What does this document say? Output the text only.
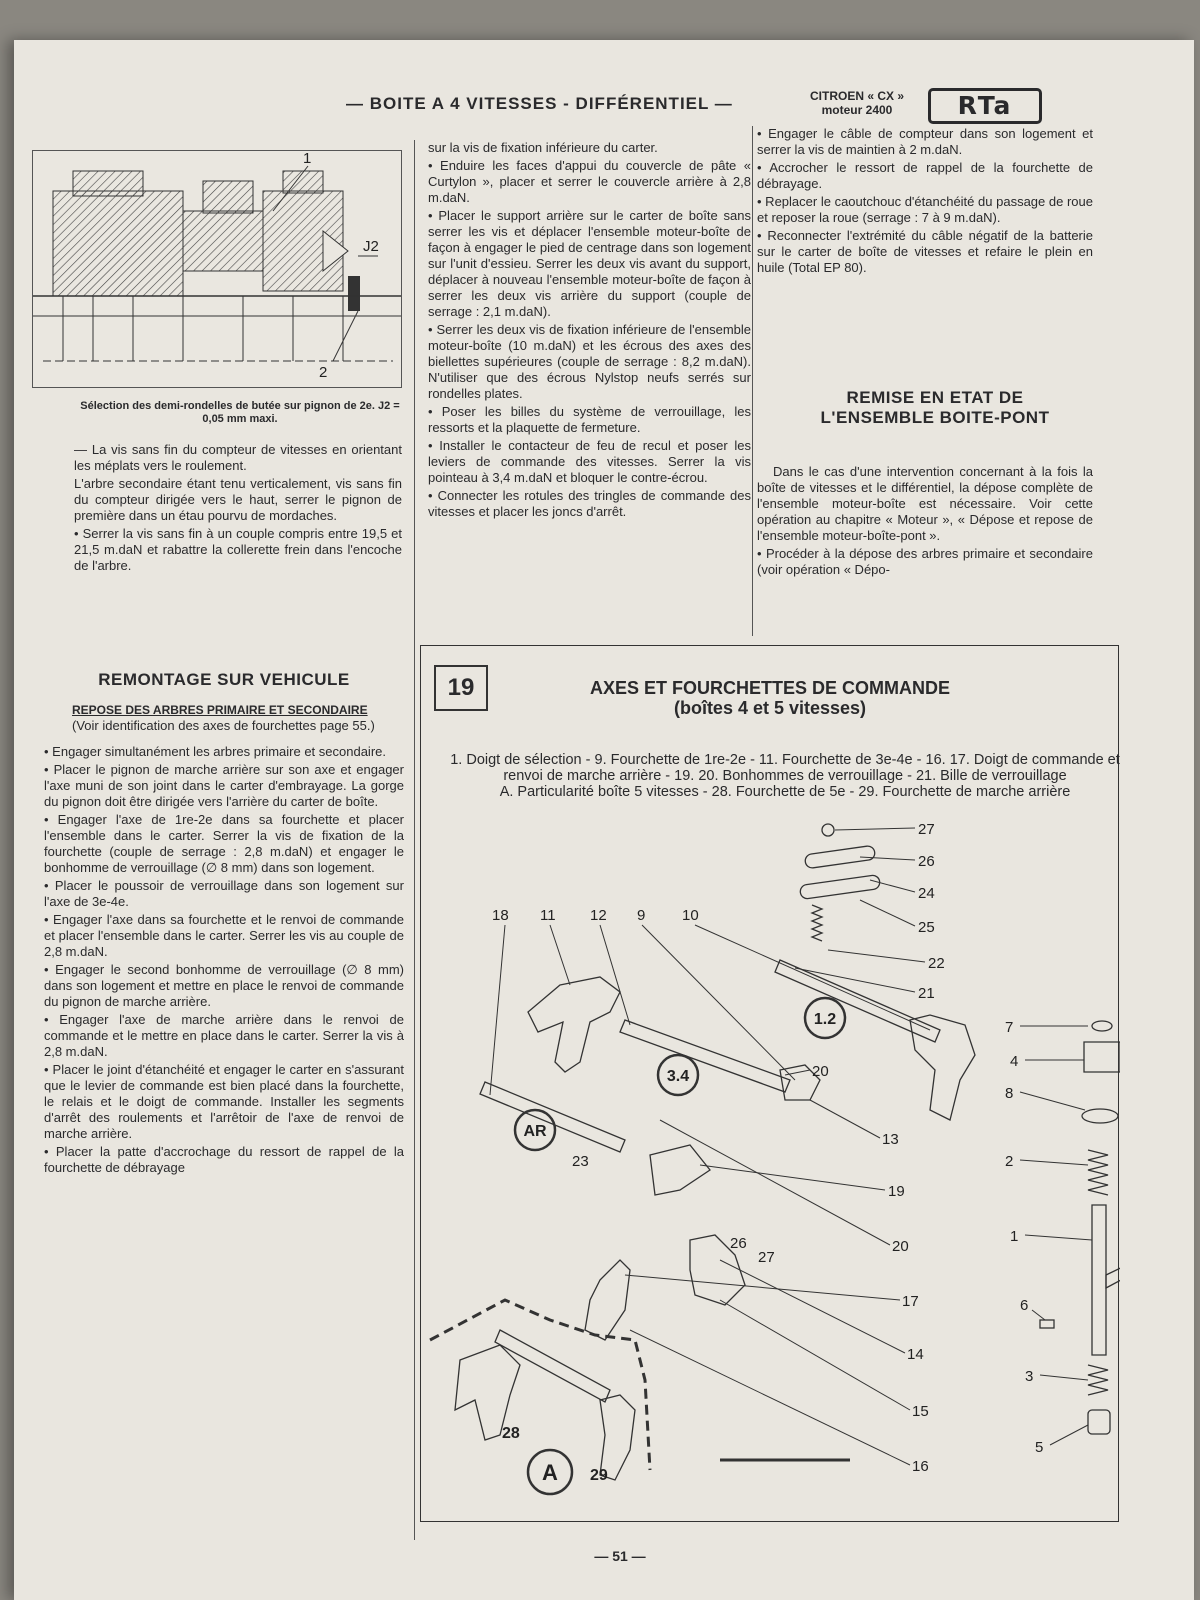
— BOITE A 4 VITESSES - DIFFÉRENTIEL —	CITROEN « CX »
moteur 2400	RTa
1
J2
2
Sélection des demi-rondelles de butée sur pignon de 2e. J2 = 0,05 mm maxi.

— La vis sans fin du compteur de vitesses en orientant les méplats vers le roulement.

L'arbre secondaire étant tenu verticalement, vis sans fin du compteur dirigée vers le haut, serrer le pignon de première dans un étau pourvu de mordaches.

• Serrer la vis sans fin à un couple compris entre 19,5 et 21,5 m.daN et rabattre la collerette frein dans l'encoche de l'arbre.

REMONTAGE SUR VEHICULE
REPOSE DES ARBRES PRIMAIRE ET SECONDAIRE

(Voir identification des axes de fourchettes page 55.)

• Engager simultanément les arbres primaire et secondaire.

• Placer le pignon de marche arrière sur son axe et engager l'axe muni de son joint dans le carter d'embrayage. La gorge du pignon doit être dirigée vers l'arrière du carter de boîte.

• Engager l'axe de 1re-2e dans sa fourchette et placer l'ensemble dans le carter. Serrer la vis de fixation de la fourchette (couple de serrage : 2,8 m.daN) et engager le bonhomme de verrouillage (∅ 8 mm) dans son logement.

• Placer le poussoir de verrouillage dans son logement sur l'axe de 3e-4e.

• Engager l'axe dans sa fourchette et le renvoi de commande et placer l'ensemble dans le carter. Serrer les vis au couple de 2,8 m.daN.

• Engager le second bonhomme de verrouillage (∅ 8 mm) dans son logement et mettre en place le renvoi de commande du pignon de marche arrière.

• Engager l'axe de marche arrière dans le renvoi de commande et le mettre en place dans le carter. Serrer la vis à 2,8 m.daN.

• Placer le joint d'étanchéité et engager le carter en s'assurant que le levier de commande est bien placé dans la fourchette, le relais et le doigt de commande. Installer les segments d'arrêt des roulements et l'arrêtoir de l'axe de renvoi de marche arrière.

• Placer la patte d'accrochage du ressort de rappel de la fourchette de débrayage

sur la vis de fixation inférieure du carter.

• Enduire les faces d'appui du couvercle de pâte « Curtylon », placer et serrer le couvercle arrière à 2,8 m.daN.

• Placer le support arrière sur le carter de boîte sans serrer les vis et déplacer l'ensemble moteur-boîte de façon à engager le pied de centrage dans son logement sur l'unit d'essieu. Serrer les deux vis avant du support, déplacer à nouveau l'ensemble moteur-boîte de façon à serrer les deux vis arrière du support (couple de serrage : 2,1 m.daN).

• Serrer les deux vis de fixation inférieure de l'ensemble moteur-boîte (10 m.daN) et les écrous des axes des biellettes supérieures (couple de serrage : 8,2 m.daN). N'utiliser que des écrous Nylstop neufs serrés sur rondelles plates.

• Poser les billes du système de verrouillage, les ressorts et la plaquette de fermeture.

• Installer le contacteur de feu de recul et poser les leviers de commande des vitesses. Serrer la vis pointeau à 3,4 m.daN et bloquer le contre-écrou.

• Connecter les rotules des tringles de commande des vitesses et placer les joncs d'arrêt.

• Engager le câble de compteur dans son logement et serrer la vis de maintien à 2 m.daN.

• Accrocher le ressort de rappel de la fourchette de débrayage.

• Replacer le caoutchouc d'étanchéité du passage de roue et reposer la roue (serrage : 7 à 9 m.daN).

• Reconnecter l'extrémité du câble négatif de la batterie sur le carter de boîte de vitesses et refaire le plein en huile (Total EP 80).

REMISE EN ETAT DE
L'ENSEMBLE BOITE-PONT

Dans le cas d'une intervention concernant à la fois la boîte de vitesses et le différentiel, la dépose complète de l'ensemble moteur-boîte est nécessaire. Voir cette opération au chapitre « Moteur », « Dépose et repose de l'ensemble moteur-boîte-pont ».

• Procéder à la dépose des arbres primaire et secondaire (voir opération « Dépo-

19	AXES ET FOURCHETTES DE COMMANDE
(boîtes 4 et 5 vitesses)
1. Doigt de sélection - 9. Fourchette de 1re-2e - 11. Fourchette de 3e-4e - 16. 17. Doigt de commande et renvoi de marche arrière - 19. 20. Bonhommes de verrouillage - 21. Bille de verrouillage
A. Particularité boîte 5 vitesses - 28. Fourchette de 5e - 29. Fourchette de marche arrière
27
26
24
25
22
21
18 11 12 9 10
7
4
8
2
1
6
3
5
20
13
19
20
17
14
15
16
23
26
27
28
29
1.2
3.4
AR
A
— 51 —
